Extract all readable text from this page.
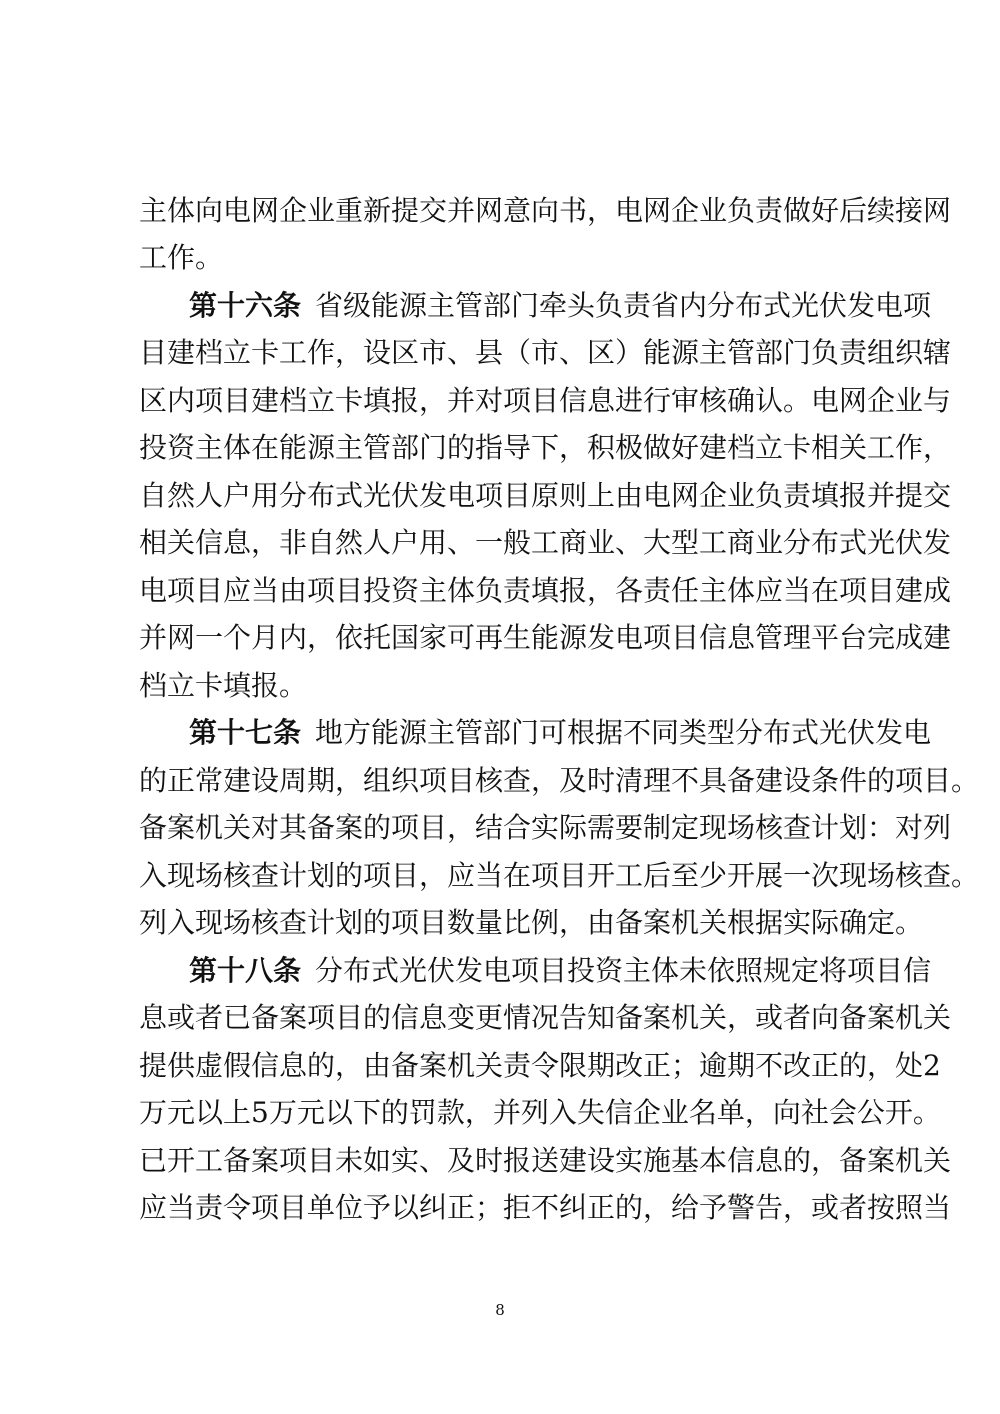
主体向电网企业重新提交并网意向书，电网企业负责做好后续接网
工作。
第十六条 省级能源主管部门牵头负责省内分布式光伏发电项
目建档立卡工作，设区市、县（市、区）能源主管部门负责组织辖
区内项目建档立卡填报，并对项目信息进行审核确认。电网企业与
投资主体在能源主管部门的指导下，积极做好建档立卡相关工作，
自然人户用分布式光伏发电项目原则上由电网企业负责填报并提交
相关信息，非自然人户用、一般工商业、大型工商业分布式光伏发
电项目应当由项目投资主体负责填报，各责任主体应当在项目建成
并网一个月内，依托国家可再生能源发电项目信息管理平台完成建
档立卡填报。
第十七条 地方能源主管部门可根据不同类型分布式光伏发电
的正常建设周期，组织项目核查，及时清理不具备建设条件的项目。
备案机关对其备案的项目，结合实际需要制定现场核查计划：对列
入现场核查计划的项目，应当在项目开工后至少开展一次现场核查。
列入现场核查计划的项目数量比例，由备案机关根据实际确定。
第十八条 分布式光伏发电项目投资主体未依照规定将项目信
息或者已备案项目的信息变更情况告知备案机关，或者向备案机关
提供虚假信息的，由备案机关责令限期改正；逾期不改正的，处2
万元以上5万元以下的罚款，并列入失信企业名单，向社会公开。
已开工备案项目未如实、及时报送建设实施基本信息的，备案机关
应当责令项目单位予以纠正；拒不纠正的，给予警告，或者按照当
8
